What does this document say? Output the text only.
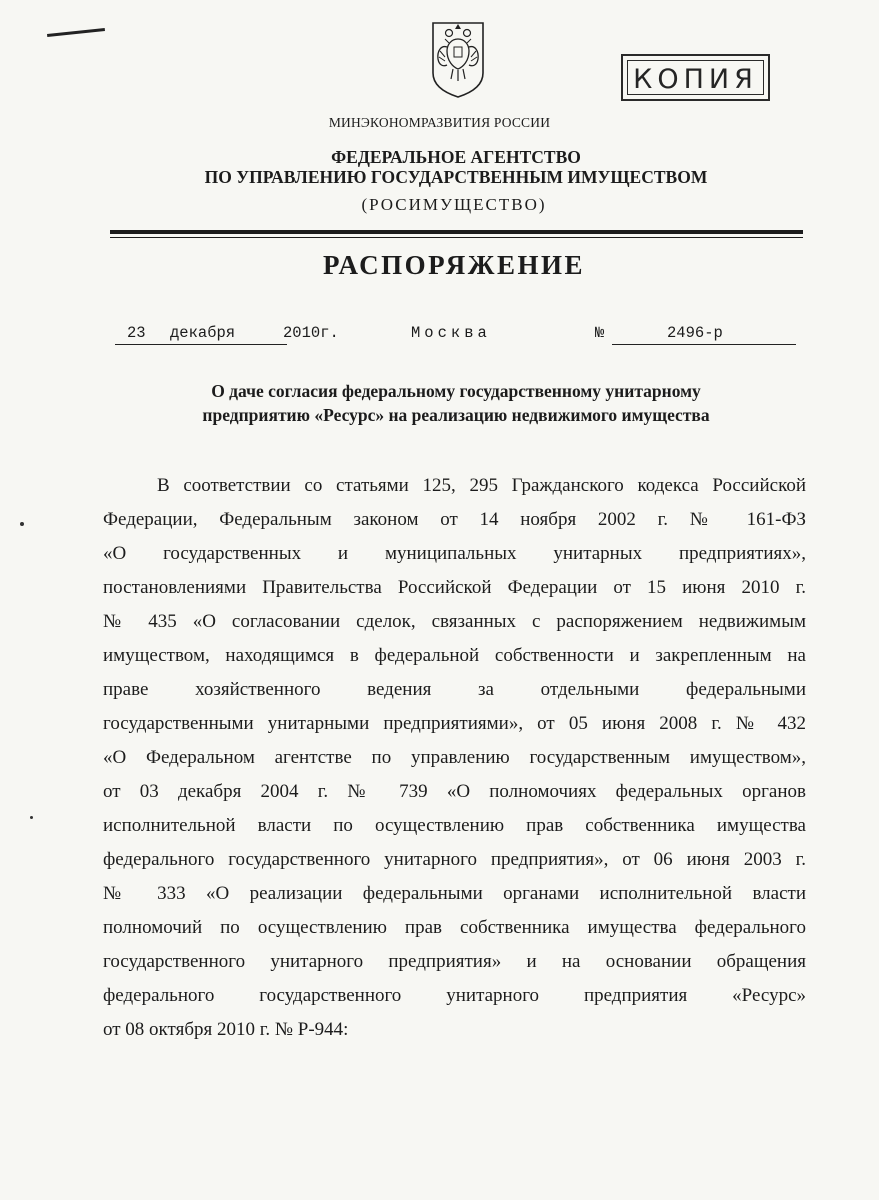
КОПИЯ
МИНЭКОНОМРАЗВИТИЯ РОССИИ
ФЕДЕРАЛЬНОЕ АГЕНТСТВО
ПО УПРАВЛЕНИЮ ГОСУДАРСТВЕННЫМ ИМУЩЕСТВОМ
(РОСИМУЩЕСТВО)
РАСПОРЯЖЕНИЕ
23 декабря	2010г.	Москва	№	2496-р
О даче согласия федеральному государственному унитарному
предприятию «Ресурс» на реализацию недвижимого имущества
В соответствии со статьями 125, 295 Гражданского кодекса Российской
Федерации, Федеральным законом от 14 ноября 2002 г. № 161-ФЗ
«О государственных и муниципальных унитарных предприятиях»,
постановлениями Правительства Российской Федерации от 15 июня 2010 г.
№ 435 «О согласовании сделок, связанных с распоряжением недвижимым
имуществом, находящимся в федеральной собственности и закрепленным на
праве хозяйственного ведения за отдельными федеральными
государственными унитарными предприятиями», от 05 июня 2008 г. № 432
«О Федеральном агентстве по управлению государственным имуществом»,
от 03 декабря 2004 г. № 739 «О полномочиях федеральных органов
исполнительной власти по осуществлению прав собственника имущества
федерального государственного унитарного предприятия», от 06 июня 2003 г.
№ 333 «О реализации федеральными органами исполнительной власти
полномочий по осуществлению прав собственника имущества федерального
государственного унитарного предприятия» и на основании обращения
федерального государственного унитарного предприятия «Ресурс»
от 08 октября 2010 г. № Р-944:
